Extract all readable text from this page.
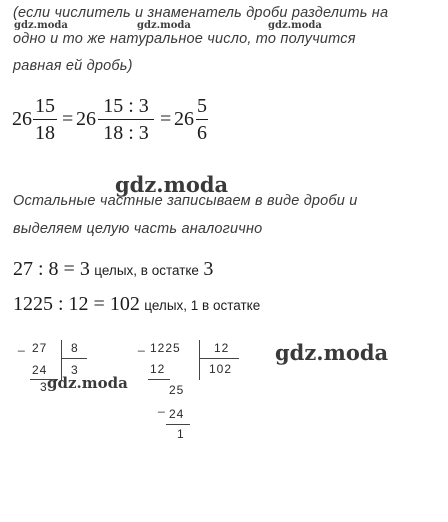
(если числитель и знаменатель дроби разделить на
одно и то же натуральное число, то получится
равная ей дробь)
gdz.moda	gdz.moda	gdz.moda
26
15
18
= 26
15 : 3
18 : 3
= 26
5
6
gdz.moda
Остальные частные записываем в виде дроби и
выделяем целую часть аналогично
27 : 8 = 3 целых, в остатке 3
1225 : 12 = 102 целых, 1 в остатке
_ 27 8
24 3
3 gdz.moda
_ 1225	12
12	102
25
_
24
1
gdz.moda
